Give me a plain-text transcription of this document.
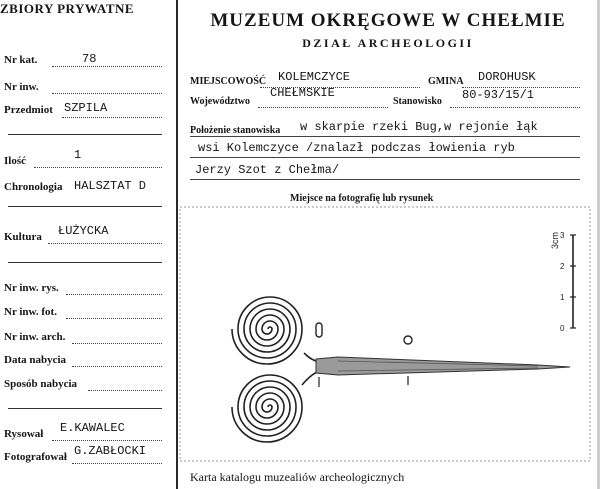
ZBIORY PRYWATNE
Nr kat.	78
Nr inw.
Przedmiot SZPILA
Ilość	1
Chronologia HALSZTAT D
Kultura ŁUŻYCKA
Nr inw. rys.
Nr inw. fot.
Nr inw. arch.
Data nabycia
Sposób nabycia
Rysował E.KAWALEC
Fotografował G.ZABŁOCKI
MUZEUM OKRĘGOWE W CHEŁMIE
DZIAŁ ARCHEOLOGII
MIEJSCOWOŚĆ KOLEMCZYCE	GMINA DOROHUSK
Województwo
CHEŁMSKIE
Stanowisko 80-93/15/1
Położenie stanowiska w skarpie rzeki Bug,w rejonie łąk
wsi Kolemczyce /znalazł podczas łowienia ryb
Jerzy Szot z Chełma/
Miejsce na fotografię lub rysunek
3cm 3
2
1
0
Karta katalogu muzealiów archeologicznych
